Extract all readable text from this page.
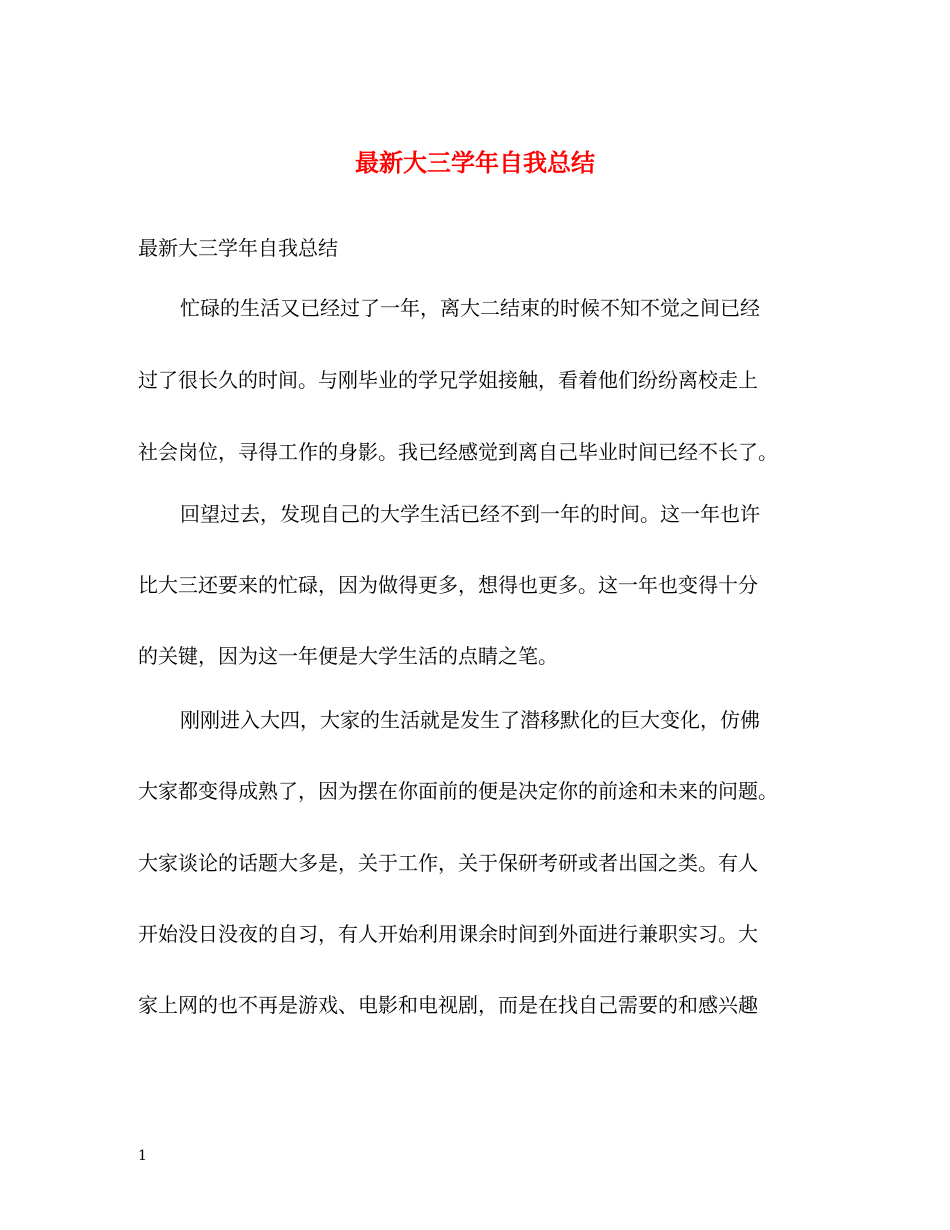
最新大三学年自我总结
最新大三学年自我总结
忙碌的生活又已经过了一年，离大二结束的时候不知不觉之间已经
过了很长久的时间。与刚毕业的学兄学姐接触，看着他们纷纷离校走上
社会岗位，寻得工作的身影。我已经感觉到离自己毕业时间已经不长了。
回望过去，发现自己的大学生活已经不到一年的时间。这一年也许
比大三还要来的忙碌，因为做得更多，想得也更多。这一年也变得十分
的关键，因为这一年便是大学生活的点睛之笔。
刚刚进入大四，大家的生活就是发生了潜移默化的巨大变化，仿佛
大家都变得成熟了，因为摆在你面前的便是决定你的前途和未来的问题。
大家谈论的话题大多是，关于工作，关于保研考研或者出国之类。有人
开始没日没夜的自习，有人开始利用课余时间到外面进行兼职实习。大
家上网的也不再是游戏、电影和电视剧，而是在找自己需要的和感兴趣
1
